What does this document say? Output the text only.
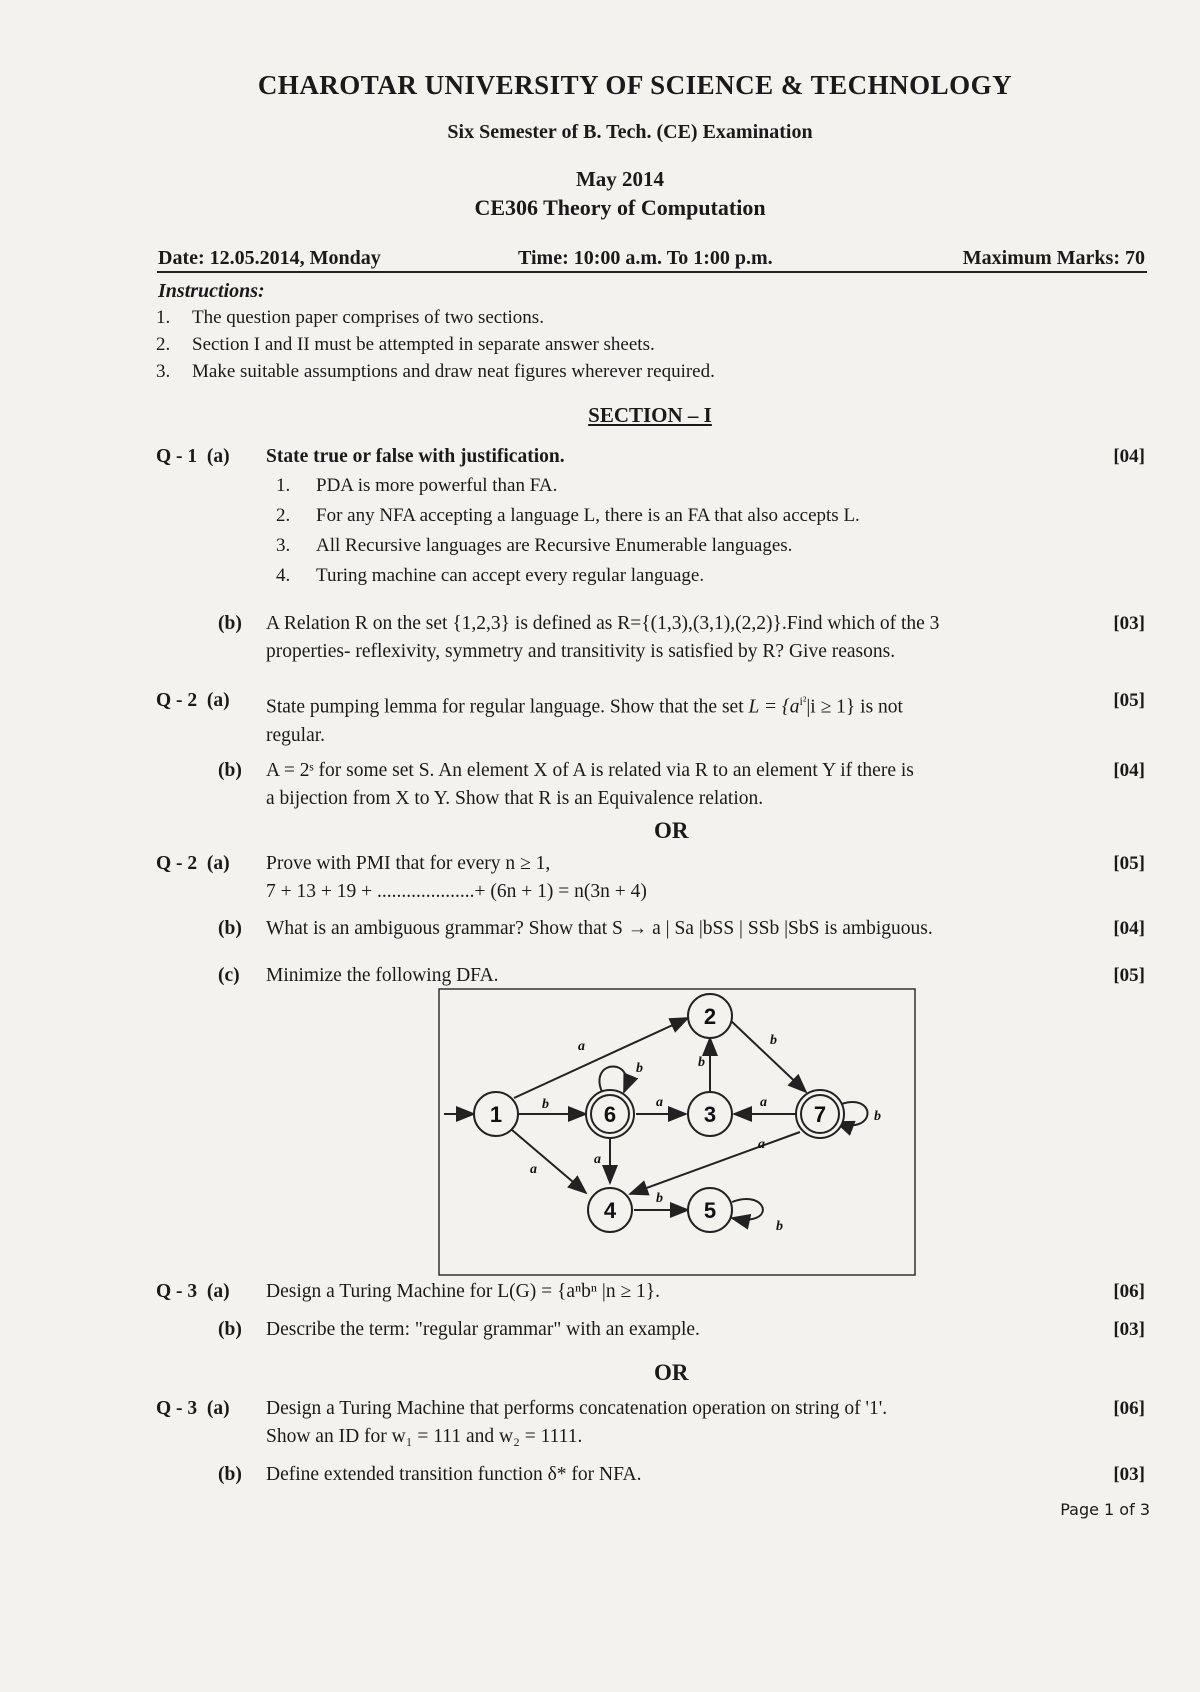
CHAROTAR UNIVERSITY OF SCIENCE & TECHNOLOGY
Six Semester of B. Tech. (CE) Examination
May 2014
CE306 Theory of Computation
Date: 12.05.2014, Monday	Time: 10:00 a.m. To 1:00 p.m.	Maximum Marks: 70
Instructions:
1. The question paper comprises of two sections.
2. Section I and II must be attempted in separate answer sheets.
3. Make suitable assumptions and draw neat figures wherever required.
SECTION – I
Q - 1 (a) State true or false with justification.	[04]
1. PDA is more powerful than FA.
2. For any NFA accepting a language L, there is an FA that also accepts L.
3. All Recursive languages are Recursive Enumerable languages.
4. Turing machine can accept every regular language.
(b) A Relation R on the set {1,2,3} is defined as R={(1,3),(3,1),(2,2)}.Find which of the 3
properties- reflexivity, symmetry and transitivity is satisfied by R? Give reasons.
[03]
Q - 2 (a) State pumping lemma for regular language. Show that the set $L = \{a^{i^2}|i \ge 1\}$ is not
regular.
[05]
(b) A = 2ˢ for some set S. An element X of A is related via R to an element Y if there is
a bijection from X to Y. Show that R is an Equivalence relation.
[04]
OR
Q - 2 (a) Prove with PMI that for every n ≥ 1,
7 + 13 + 19 + ....................+ (6n + 1) = n(3n + 4)
[05]
(b) What is an ambiguous grammar? Show that S → a | Sa |bSS | SSb |SbS is ambiguous.	[04]
(c) Minimize the following DFA.	[05]
1
2
3
4	5
6	7
a
b
b
a
a
b
a
b
a
a
b
b
b
Q - 3 (a) Design a Turing Machine for L(G) = {aⁿbⁿ |n ≥ 1}.	[06]
(b) Describe the term: "regular grammar" with an example.	[03]
OR
Q - 3 (a) Design a Turing Machine that performs concatenation operation on string of '1'.
Show an ID for w₁ = 111 and w₂ = 1111.
[06]
(b) Define extended transition function δ* for NFA.	[03]
Page 1 of 3
